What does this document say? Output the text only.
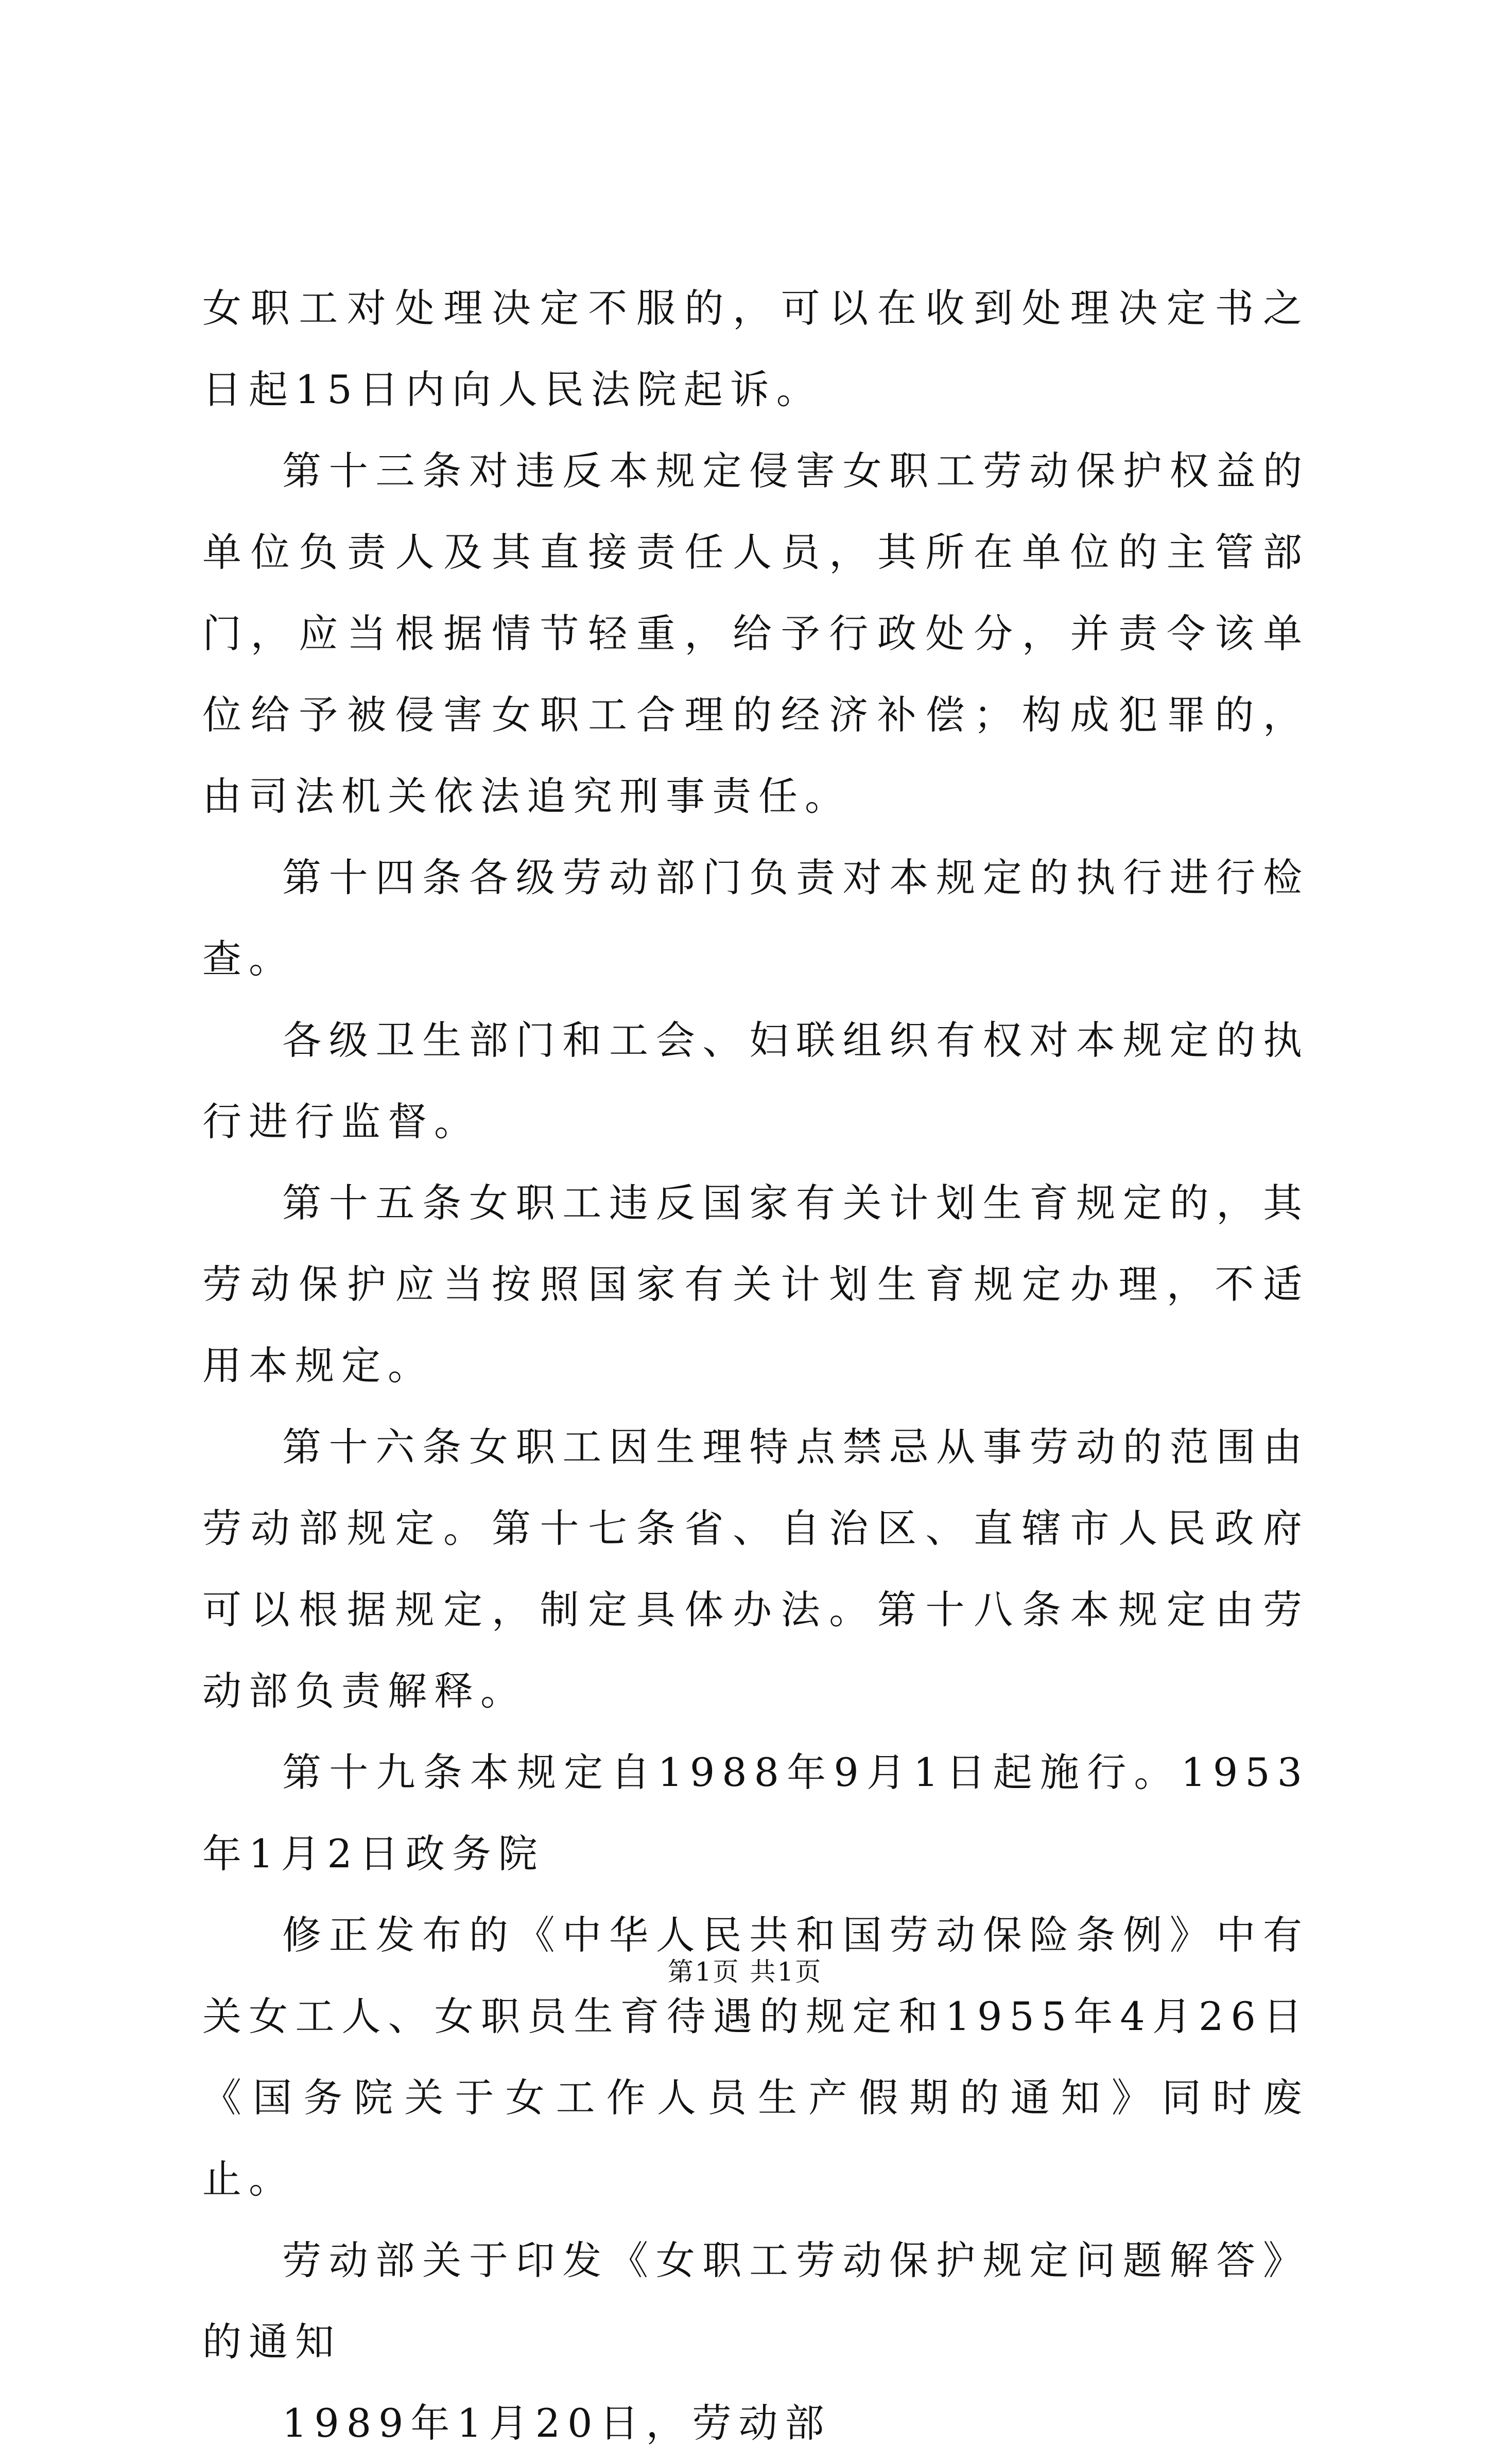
女职工对处理决定不服的，可以在收到处理决定书之日起15日内向人民法院起诉。

第十三条对违反本规定侵害女职工劳动保护权益的单位负责人及其直接责任人员，其所在单位的主管部门，应当根据情节轻重，给予行政处分，并责令该单位给予被侵害女职工合理的经济补偿；构成犯罪的，由司法机关依法追究刑事责任。

第十四条各级劳动部门负责对本规定的执行进行检查。

各级卫生部门和工会、妇联组织有权对本规定的执行进行监督。

第十五条女职工违反国家有关计划生育规定的，其劳动保护应当按照国家有关计划生育规定办理，不适用本规定。

第十六条女职工因生理特点禁忌从事劳动的范围由劳动部规定。第十七条省、自治区、直辖市人民政府可以根据规定，制定具体办法。第十八条本规定由劳动部负责解释。

第十九条本规定自1988年9月1日起施行。1953年1月2日政务院

修正发布的《中华人民共和国劳动保险条例》中有关女工人、女职员生育待遇的规定和1955年4月26日《国务院关于女工作人员生产假期的通知》同时废止。

劳动部关于印发《女职工劳动保护规定问题解答》的通知

1989年1月20日，劳动部

第1页 共1页
